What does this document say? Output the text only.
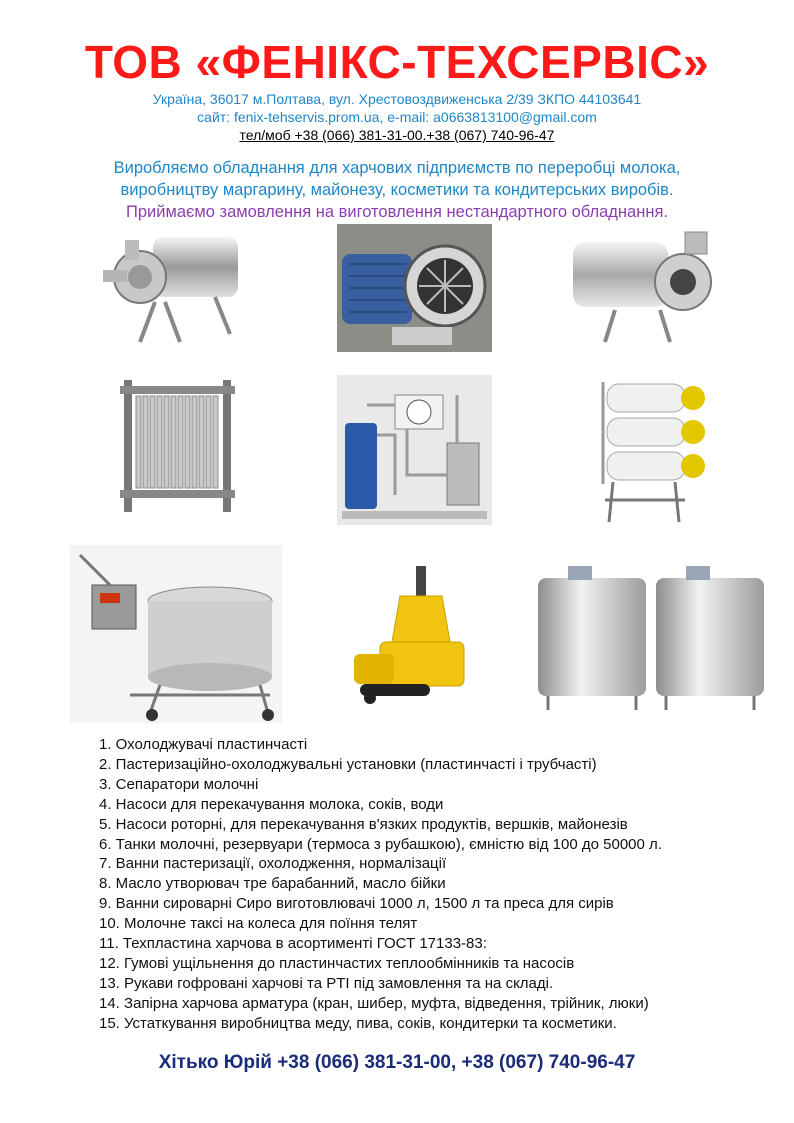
ТОВ «ФЕНІКС-ТЕХСЕРВІС»
Україна, 36017 м.Полтава, вул. Хрестовоздвиженська 2/39 ЗКПО 44103641
сайт: fenix-tehservis.prom.ua, e-mail: a0663813100@gmail.com
тел/моб +38 (066) 381-31-00.+38 (067) 740-96-47
Виробляємо обладнання для харчових підприємств по переробці молока,
виробництву маргарину, майонезу, косметики та кондитерських виробів.
Приймаємо замовлення на виготовлення нестандартного обладнання.
1. Охолоджувачі пластинчасті
2. Пастеризаційно-охолоджувальні установки (пластинчасті і трубчасті)
3. Сепаратори молочні
4. Насоси для перекачування молока, соків, води
5. Насоси роторні, для перекачування в'язких продуктів, вершків, майонезів
6. Танки молочні, резервуари (термоса з рубашкою), ємністю від 100 до 50000 л.
7. Ванни пастеризації, охолодження, нормалізації
8. Масло утворювач тре барабанний, масло бійки
9. Ванни сироварні Сиро виготовлювачі 1000 л, 1500 л та преса для сирів
10. Молочне таксі на колеса для поїння телят
11. Техпластина харчова в асортименті ГОСТ 17133-83:
12. Гумові ущільнення до пластинчастих теплообмінників та насосів
13. Рукави гофровані харчові та PTI під замовлення та на складі.
14. Запірна харчова арматура (кран, шибер, муфта, відведення, трійник, люки)
15. Устаткування виробництва меду, пива, соків, кондитерки та косметики.
Хітько Юрій +38 (066) 381-31-00, +38 (067) 740-96-47
